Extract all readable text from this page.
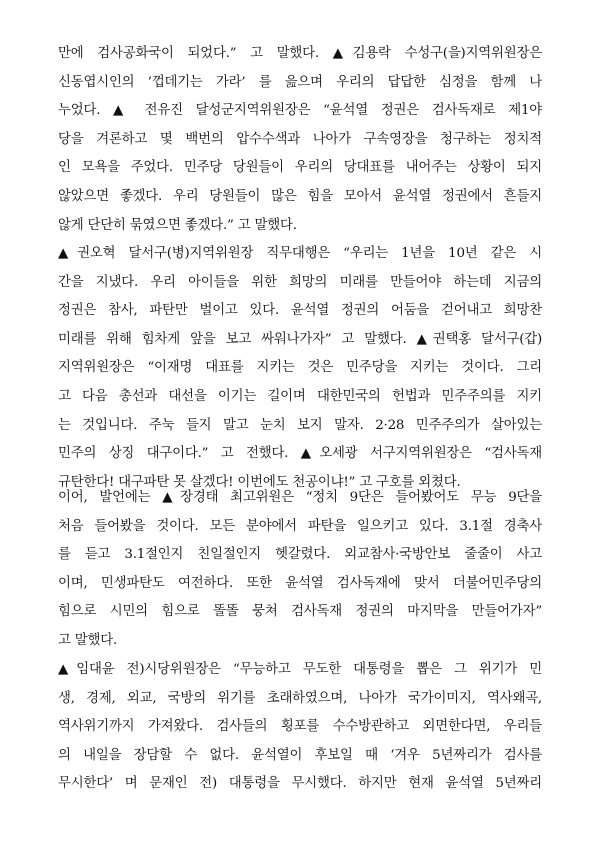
만에 검사공화국이 되었다.” 고 말했다. ▲김용락 수성구(을)지역위원장은
신동엽시인의 ‘껍데기는 가라’ 를 읊으며 우리의 답답한 심정을 함께 나
누었다. ▲ 전유진 달성군지역위원장은 “윤석열 정권은 검사독재로 제1야
당을 겨론하고 몇 백번의 압수수색과 나아가 구속영장을 청구하는 정치적
인 모욕을 주었다. 민주당 당원들이 우리의 당대표를 내어주는 상황이 되지
않았으면 좋겠다. 우리 당원들이 많은 힘을 모아서 윤석열 정권에서 흔들지
않게 단단히 묶였으면 좋겠다.” 고 말했다.
▲권오혁 달서구(병)지역위원장 직무대행은 “우리는 1년을 10년 같은 시
간을 지냈다. 우리 아이들을 위한 희망의 미래를 만들어야 하는데 지금의
정권은 참사, 파탄만 벌이고 있다. 윤석열 정권의 어둠을 걷어내고 희망찬
미래를 위해 힘차게 앞을 보고 싸워나가자” 고 말했다. ▲권택홍 달서구(갑)
지역위원장은 “이재명 대표를 지키는 것은 민주당을 지키는 것이다. 그리
고 다음 총선과 대선을 이기는 길이며 대한민국의 헌법과 민주주의를 지키
는 것입니다. 주눅 들지 말고 눈치 보지 말자. 2·28 민주주의가 살아있는
민주의 상징 대구이다.” 고 전했다. ▲오세광 서구지역위원장은 “검사독재
규탄한다! 대구파탄 못 살겠다! 이번에도 천공이냐!” 고 구호를 외쳤다.
이어, 발언에는 ▲장경태 최고위원은 “정치 9단은 들어봤어도 무능 9단을
처음 들어봤을 것이다. 모든 분야에서 파탄을 일으키고 있다. 3.1절 경축사
를 듣고 3.1절인지 친일절인지 헷갈렸다. 외교참사·국방안보 줄줄이 사고
이며, 민생파탄도 여전하다. 또한 윤석열 검사독재에 맞서 더불어민주당의
힘으로 시민의 힘으로 똘똘 뭉쳐 검사독재 정권의 마지막을 만들어가자”
고 말했다.
▲임대윤 전)시당위원장은 “무능하고 무도한 대통령을 뽑은 그 위기가 민
생, 경제, 외교, 국방의 위기를 초래하였으며, 나아가 국가이미지, 역사왜곡,
역사위기까지 가져왔다. 검사들의 횡포를 수수방관하고 외면한다면, 우리들
의 내일을 장담할 수 없다. 윤석열이 후보일 때 ‘겨우 5년짜리가 검사를
무시한다’ 며 문재인 전) 대통령을 무시했다. 하지만 현재 윤석열 5년짜리
